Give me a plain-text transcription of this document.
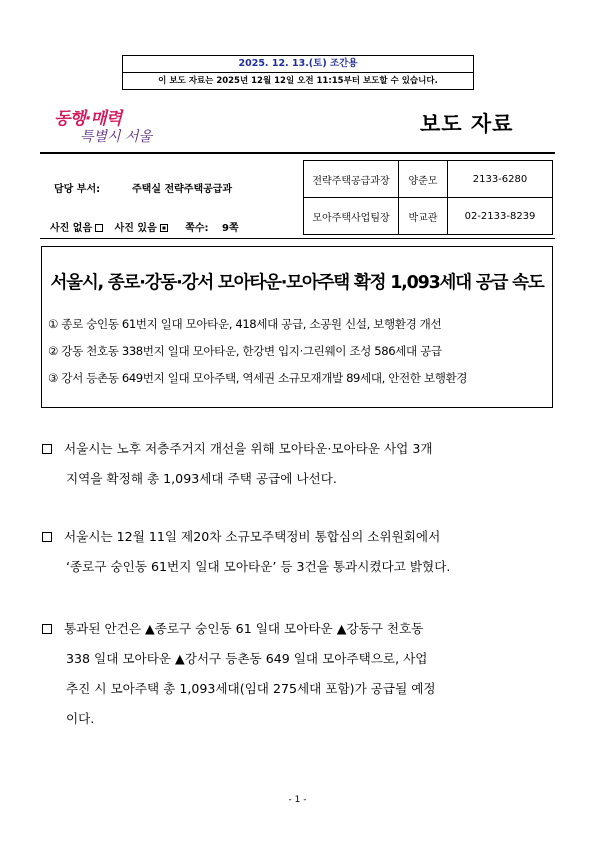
2025. 12. 13.(토) 조간용
이 보도 자료는 2025년 12월 12일 오전 11:15부터 보도할 수 있습니다.
동행·매력
특별시 서울
보도 자료
담당 부서:	주택실 전략주택공급과
사진 없음 사진 있음	쪽수: 9쪽
전략주택공급과장	양준모	2133-6280
모아주택사업팀장	박교관	02-2133-8239
서울시, 종로·강동·강서 모아타운·모아주택 확정 1,093세대 공급 속도
① 종로 숭인동 61번지 일대 모아타운, 418세대 공급, 소공원 신설, 보행환경 개선
② 강동 천호동 338번지 일대 모아타운, 한강변 입지·그린웨이 조성 586세대 공급
③ 강서 등촌동 649번지 일대 모아주택, 역세권 소규모재개발 89세대, 안전한 보행환경
서울시는 노후 저층주거지 개선을 위해 모아타운·모아타운 사업 3개
지역을 확정해 총 1,093세대 주택 공급에 나선다.
서울시는 12월 11일 제20차 소규모주택정비 통합심의 소위원회에서
‘종로구 숭인동 61번지 일대 모아타운’ 등 3건을 통과시켰다고 밝혔다.
통과된 안건은 ▲종로구 숭인동 61 일대 모아타운 ▲강동구 천호동
338 일대 모아타운 ▲강서구 등촌동 649 일대 모아주택으로, 사업
추진 시 모아주택 총 1,093세대(임대 275세대 포함)가 공급될 예정
이다.
- 1 -
